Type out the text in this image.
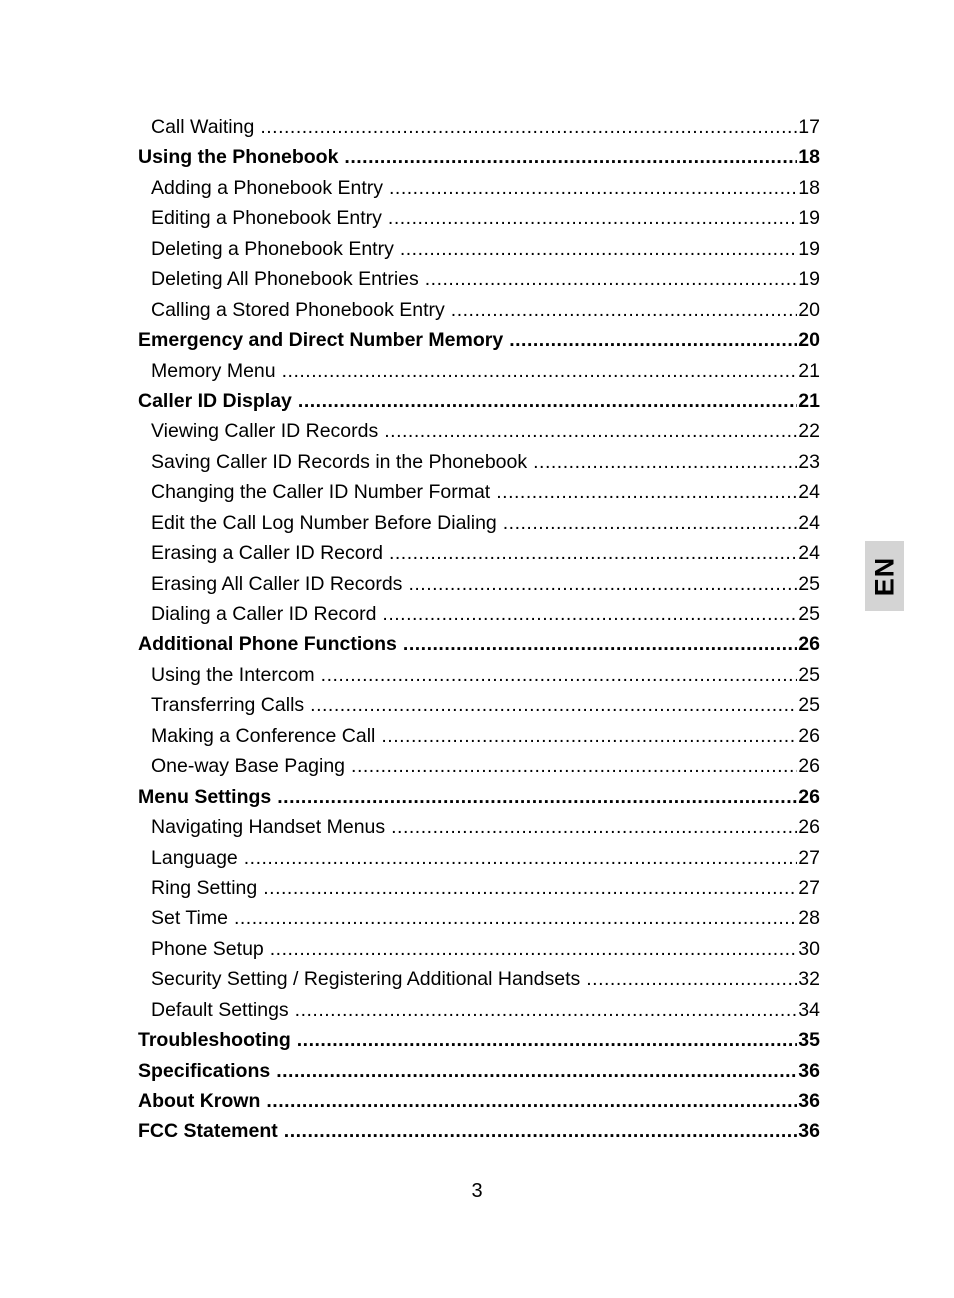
Call Waiting .....	17
Using the Phonebook .....	18
Adding a Phonebook Entry .....	18
Editing a Phonebook Entry .....	19
Deleting a Phonebook Entry .....	19
Deleting All Phonebook Entries .....	19
Calling a Stored Phonebook Entry .....	20
Emergency and Direct Number Memory .....	20
Memory Menu .....	21
Caller ID Display .....	21
Viewing Caller ID Records .....	22
Saving Caller ID Records in the Phonebook .....	23
Changing the Caller ID Number Format .....	24
Edit the Call Log Number Before Dialing .....	24
Erasing a Caller ID Record .....	24
Erasing All Caller ID Records .....	25
Dialing a Caller ID Record .....	25
Additional Phone Functions .....	26
Using the Intercom .....	25
Transferring Calls .....	25
Making a Conference Call .....	26
One-way Base Paging .....	26
Menu Settings .....	26
Navigating Handset Menus .....	26
Language .....	27
Ring Setting .....	27
Set Time .....	28
Phone Setup .....	30
Security Setting / Registering Additional Handsets .....	32
Default Settings .....	34
Troubleshooting .....	35
Specifications .....	36
About Krown .....	36
FCC Statement .....	36
EN
3
